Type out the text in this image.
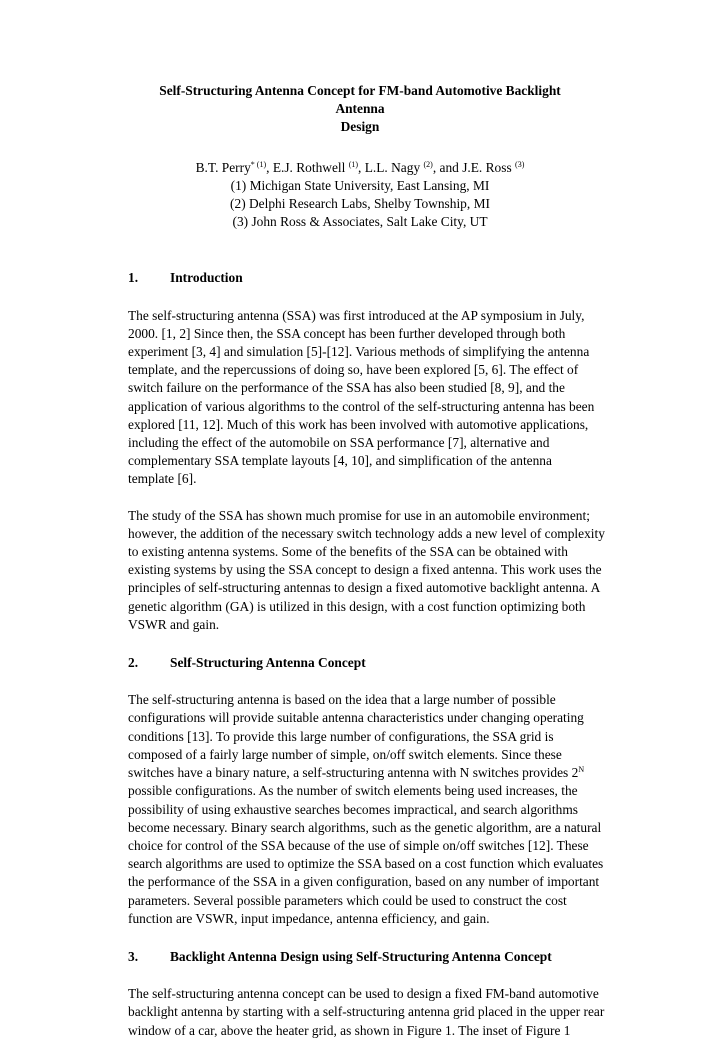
Self-Structuring Antenna Concept for FM-band Automotive Backlight Antenna
Design
B.T. Perry$^{* (1)}$, E.J. Rothwell $^{(1)}$, L.L. Nagy $^{(2)}$, and J.E. Ross $^{(3)}$
(1) Michigan State University, East Lansing, MI
(2) Delphi Research Labs, Shelby Township, MI
(3) John Ross & Associates, Salt Lake City, UT
1.	Introduction
The self-structuring antenna (SSA) was first introduced at the AP symposium in July,
2000. [1, 2] Since then, the SSA concept has been further developed through both
experiment [3, 4] and simulation [5]-[12]. Various methods of simplifying the antenna
template, and the repercussions of doing so, have been explored [5, 6]. The effect of
switch failure on the performance of the SSA has also been studied [8, 9], and the
application of various algorithms to the control of the self-structuring antenna has been
explored [11, 12]. Much of this work has been involved with automotive applications,
including the effect of the automobile on SSA performance [7], alternative and
complementary SSA template layouts [4, 10], and simplification of the antenna
template [6].
The study of the SSA has shown much promise for use in an automobile environment;
however, the addition of the necessary switch technology adds a new level of complexity
to existing antenna systems. Some of the benefits of the SSA can be obtained with
existing systems by using the SSA concept to design a fixed antenna. This work uses the
principles of self-structuring antennas to design a fixed automotive backlight antenna. A
genetic algorithm (GA) is utilized in this design, with a cost function optimizing both
VSWR and gain.
2.	Self-Structuring Antenna Concept
The self-structuring antenna is based on the idea that a large number of possible
configurations will provide suitable antenna characteristics under changing operating
conditions [13]. To provide this large number of configurations, the SSA grid is
composed of a fairly large number of simple, on/off switch elements. Since these
switches have a binary nature, a self-structuring antenna with N switches provides $2^N$
possible configurations. As the number of switch elements being used increases, the
possibility of using exhaustive searches becomes impractical, and search algorithms
become necessary. Binary search algorithms, such as the genetic algorithm, are a natural
choice for control of the SSA because of the use of simple on/off switches [12]. These
search algorithms are used to optimize the SSA based on a cost function which evaluates
the performance of the SSA in a given configuration, based on any number of important
parameters. Several possible parameters which could be used to construct the cost
function are VSWR, input impedance, antenna efficiency, and gain.
3.	Backlight Antenna Design using Self-Structuring Antenna Concept
The self-structuring antenna concept can be used to design a fixed FM-band automotive
backlight antenna by starting with a self-structuring antenna grid placed in the upper rear
window of a car, above the heater grid, as shown in Figure 1. The inset of Figure 1
